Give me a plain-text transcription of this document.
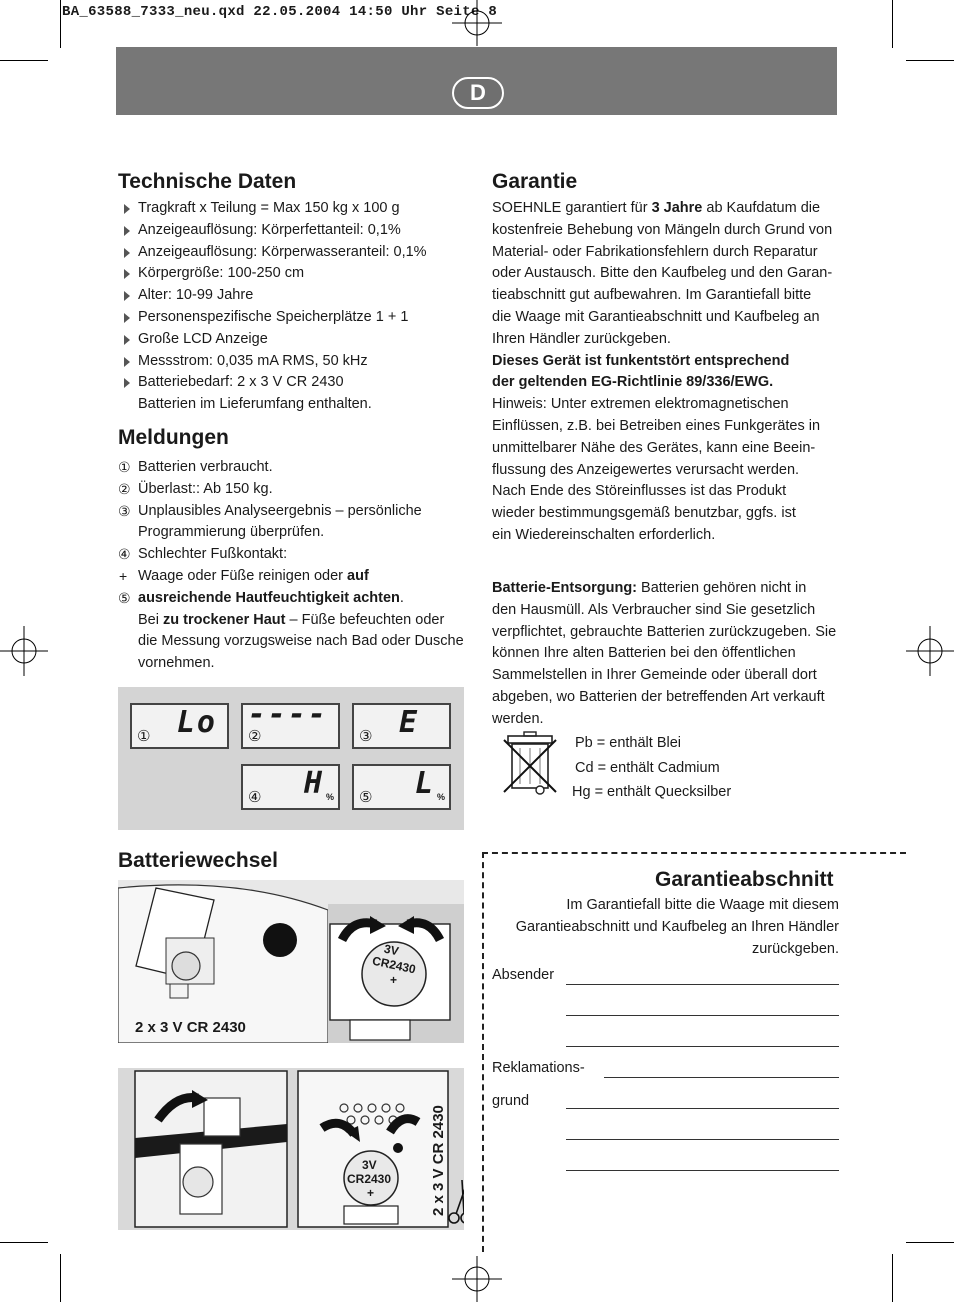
BA_63588_7333_neu.qxd 22.05.2004 14:50 Uhr Seite 8
D
Technische Daten
Tragkraft x Teilung = Max 150 kg x 100 g
Anzeigeauflösung: Körperfettanteil: 0,1%
Anzeigeauflösung: Körperwasseranteil: 0,1%
Körpergröße: 100-250 cm
Alter: 10-99 Jahre
Personenspezifische Speicherplätze 1 + 1
Große LCD Anzeige
Messstrom: 0,035 mA RMS, 50 kHz
Batteriebedarf: 2 x 3 V CR 2430
Batterien im Lieferumfang enthalten.
Meldungen
① Batterien verbraucht.
② Überlast:: Ab 150 kg.
③ Unplausibles Analyseergebnis – persönliche
Programmierung überprüfen.
④ Schlechter Fußkontakt:
+ Waage oder Füße reinigen oder auf
⑤ ausreichende Hautfeuchtigkeit achten.
Bei zu trockener Haut – Füße befeuchten oder
die Messung vorzugsweise nach Bad oder Dusche
vornehmen.
① Lo ②
----
③ E
④ H % ⑤ L %
Garantie
SOEHNLE garantiert für 3 Jahre ab Kaufdatum die
kostenfreie Behebung von Mängeln durch Grund von
Material- oder Fabrikationsfehlern durch Reparatur
oder Austausch. Bitte den Kaufbeleg und den Garan-
tieabschnitt gut aufbewahren. Im Garantiefall bitte
die Waage mit Garantieabschnitt und Kaufbeleg an
Ihren Händler zurückgeben.
Dieses Gerät ist funkentstört entsprechend
der geltenden EG-Richtlinie 89/336/EWG.
Hinweis: Unter extremen elektromagnetischen
Einflüssen, z.B. bei Betreiben eines Funkgerätes in
unmittelbarer Nähe des Gerätes, kann eine Beein-
flussung des Anzeigewertes verursacht werden.
Nach Ende des Störeinflusses ist das Produkt
wieder bestimmungsgemäß benutzbar, ggfs. ist
ein Wiedereinschalten erforderlich.
Batterie-Entsorgung: Batterien gehören nicht in
den Hausmüll. Als Verbraucher sind Sie gesetzlich
verpflichtet, gebrauchte Batterien zurückzugeben. Sie
können Ihre alten Batterien bei den öffentlichen
Sammelstellen in Ihrer Gemeinde oder überall dort
abgeben, wo Batterien der betreffenden Art verkauft
werden.
Pb = enthält Blei
Cd = enthält Cadmium
Hg = enthält Quecksilber
Batteriewechsel
3V
CR2430
+
2 x 3 V CR 2430
3V
CR2430
+	2 x 3 V CR 2430
Garantieabschnitt
Im Garantiefall bitte die Waage mit diesem
Garantieabschnitt und Kaufbeleg an Ihren Händler
zurückgeben.
Absender
Reklamations-
grund
